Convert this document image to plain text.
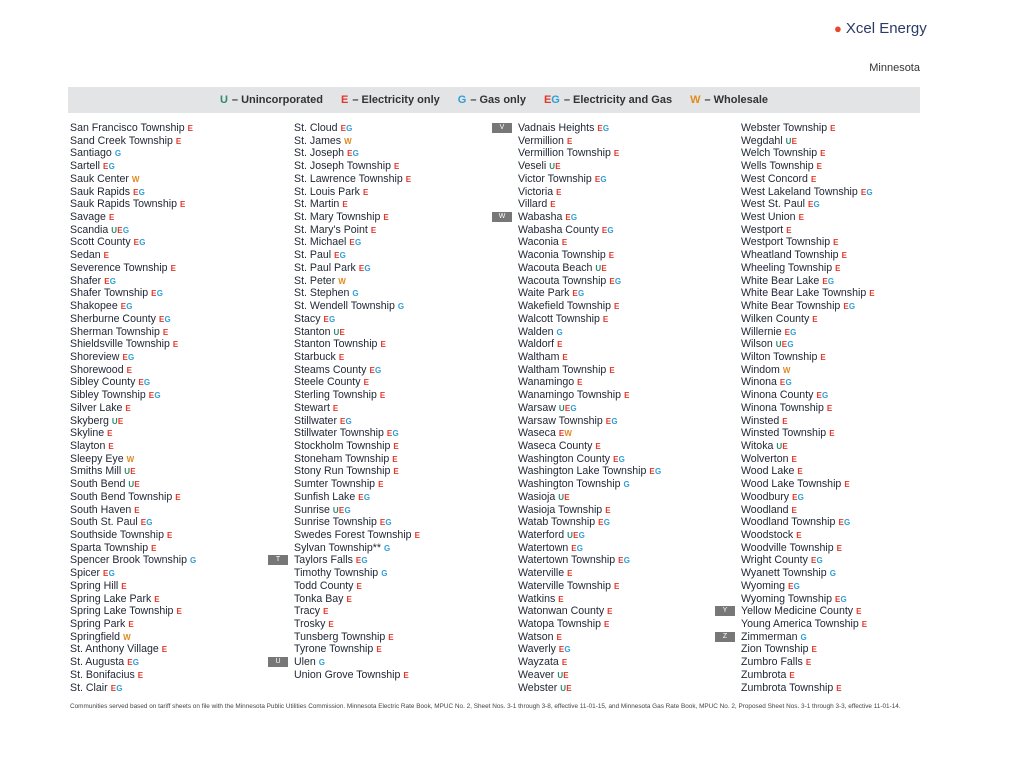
● Xcel Energy
Minnesota
U – Unincorporated E – Electricity only G – Gas only EG – Electricity and Gas W – Wholesale
San Francisco Township E
Sand Creek Township E
Santiago G
Sartell EG
Sauk Center W
Sauk Rapids EG
Sauk Rapids Township E
Savage E
Scandia UEG
Scott County EG
Sedan E
Severence Township E
Shafer EG
Shafer Township EG
Shakopee EG
Sherburne County EG
Sherman Township E
Shieldsville Township E
Shoreview EG
Shorewood E
Sibley County EG
Sibley Township EG
Silver Lake E
Skyberg UE
Skyline E
Slayton E
Sleepy Eye W
Smiths Mill UE
South Bend UE
South Bend Township E
South Haven E
South St. Paul EG
Southside Township E
Sparta Township E
Spencer Brook Township G
Spicer EG
Spring Hill E
Spring Lake Park E
Spring Lake Township E
Spring Park E
Springfield W
St. Anthony Village E
St. Augusta EG
St. Bonifacius E
St. Clair EG
St. Cloud EG
St. James W
St. Joseph EG
St. Joseph Township E
St. Lawrence Township E
St. Louis Park E
St. Martin E
St. Mary Township E
St. Mary's Point E
St. Michael EG
St. Paul EG
St. Paul Park EG
St. Peter W
St. Stephen G
St. Wendell Township G
Stacy EG
Stanton UE
Stanton Township E
Starbuck E
Steams County EG
Steele County E
Sterling Township E
Stewart E
Stillwater EG
Stillwater Township EG
Stockholm Township E
Stoneham Township E
Stony Run Township E
Sumter Township E
Sunfish Lake EG
Sunrise UEG
Sunrise Township EG
Swedes Forest Township E
Sylvan Township** G
T	Taylors Falls EG
Timothy Township G
Todd County E
Tonka Bay E
Tracy E
Trosky E
Tunsberg Township E
Tyrone Township E
U	Ulen G
Union Grove Township E
V	Vadnais Heights EG
Vermillion E
Vermillion Township E
Veseli UE
Victor Township EG
Victoria E
Villard E
W	Wabasha EG
Wabasha County EG
Waconia E
Waconia Township E
Wacouta Beach UE
Wacouta Township EG
Waite Park EG
Wakefield Township E
Walcott Township E
Walden G
Waldorf E
Waltham E
Waltham Township E
Wanamingo E
Wanamingo Township E
Warsaw UEG
Warsaw Township EG
Waseca EW
Waseca County E
Washington County EG
Washington Lake Township EG
Washington Township G
Wasioja UE
Wasioja Township E
Watab Township EG
Waterford UEG
Watertown EG
Watertown Township EG
Waterville E
Waterville Township E
Watkins E
Watonwan County E
Watopa Township E
Watson E
Waverly EG
Wayzata E
Weaver UE
Webster UE
Webster Township E
Wegdahl UE
Welch Township E
Wells Township E
West Concord E
West Lakeland Township EG
West St. Paul EG
West Union E
Westport E
Westport Township E
Wheatland Township E
Wheeling Township E
White Bear Lake EG
White Bear Lake Township E
White Bear Township EG
Wilken County E
Willernie EG
Wilson UEG
Wilton Township E
Windom W
Winona EG
Winona County EG
Winona Township E
Winsted E
Winsted Township E
Witoka UE
Wolverton E
Wood Lake E
Wood Lake Township E
Woodbury EG
Woodland E
Woodland Township EG
Woodstock E
Woodville Township E
Wright County EG
Wyanett Township G
Wyoming EG
Wyoming Township EG
Y	Yellow Medicine County E
Young America Township E
Z	Zimmerman G
Zion Township E
Zumbro Falls E
Zumbrota E
Zumbrota Township E
Communities served based on tariff sheets on file with the Minnesota Public Utilities Commission. Minnesota Electric Rate Book, MPUC No. 2, Sheet Nos. 3-1 through 3-8, effective 11-01-15, and Minnesota Gas Rate Book, MPUC No. 2, Proposed Sheet Nos. 3-1 through 3-3, effective 11-01-14.
